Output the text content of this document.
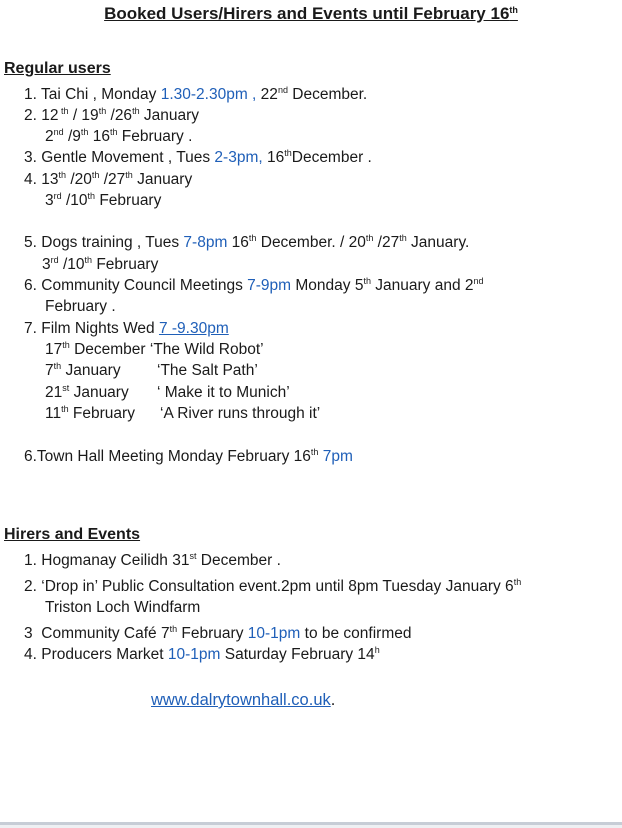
Booked Users/Hirers and Events until February 16th
Regular users
1. Tai Chi , Monday 1.30-2.30pm , 22nd December.
2. 12 $^{th}$ / 19th /26th January
2nd /9th 16th February .
3. Gentle Movement , Tues 2-3pm, 16thDecember .
4. 13th /20th /27th January
3rd /10th February
5. Dogs training , Tues 7-8pm 16th December. / 20th /27th January.
3rd /10th February
6. Community Council Meetings 7-9pm Monday 5th January and 2nd
February .
7. Film Nights Wed 7 -9.30pm
17th December ‘The Wild Robot’
7th January ‘The Salt Path’
21st January ‘ Make it to Munich’
11th February ‘A River runs through it’
6.Town Hall Meeting Monday February 16th 7pm
Hirers and Events
1. Hogmanay Ceilidh 31st December .
2. ‘Drop in’ Public Consultation event.2pm until 8pm Tuesday January 6th
Triston Loch Windfarm
3 Community Café 7th February 10-1pm to be confirmed
4. Producers Market 10-1pm Saturday February 14$^h$
www.dalrytownhall.co.uk.
